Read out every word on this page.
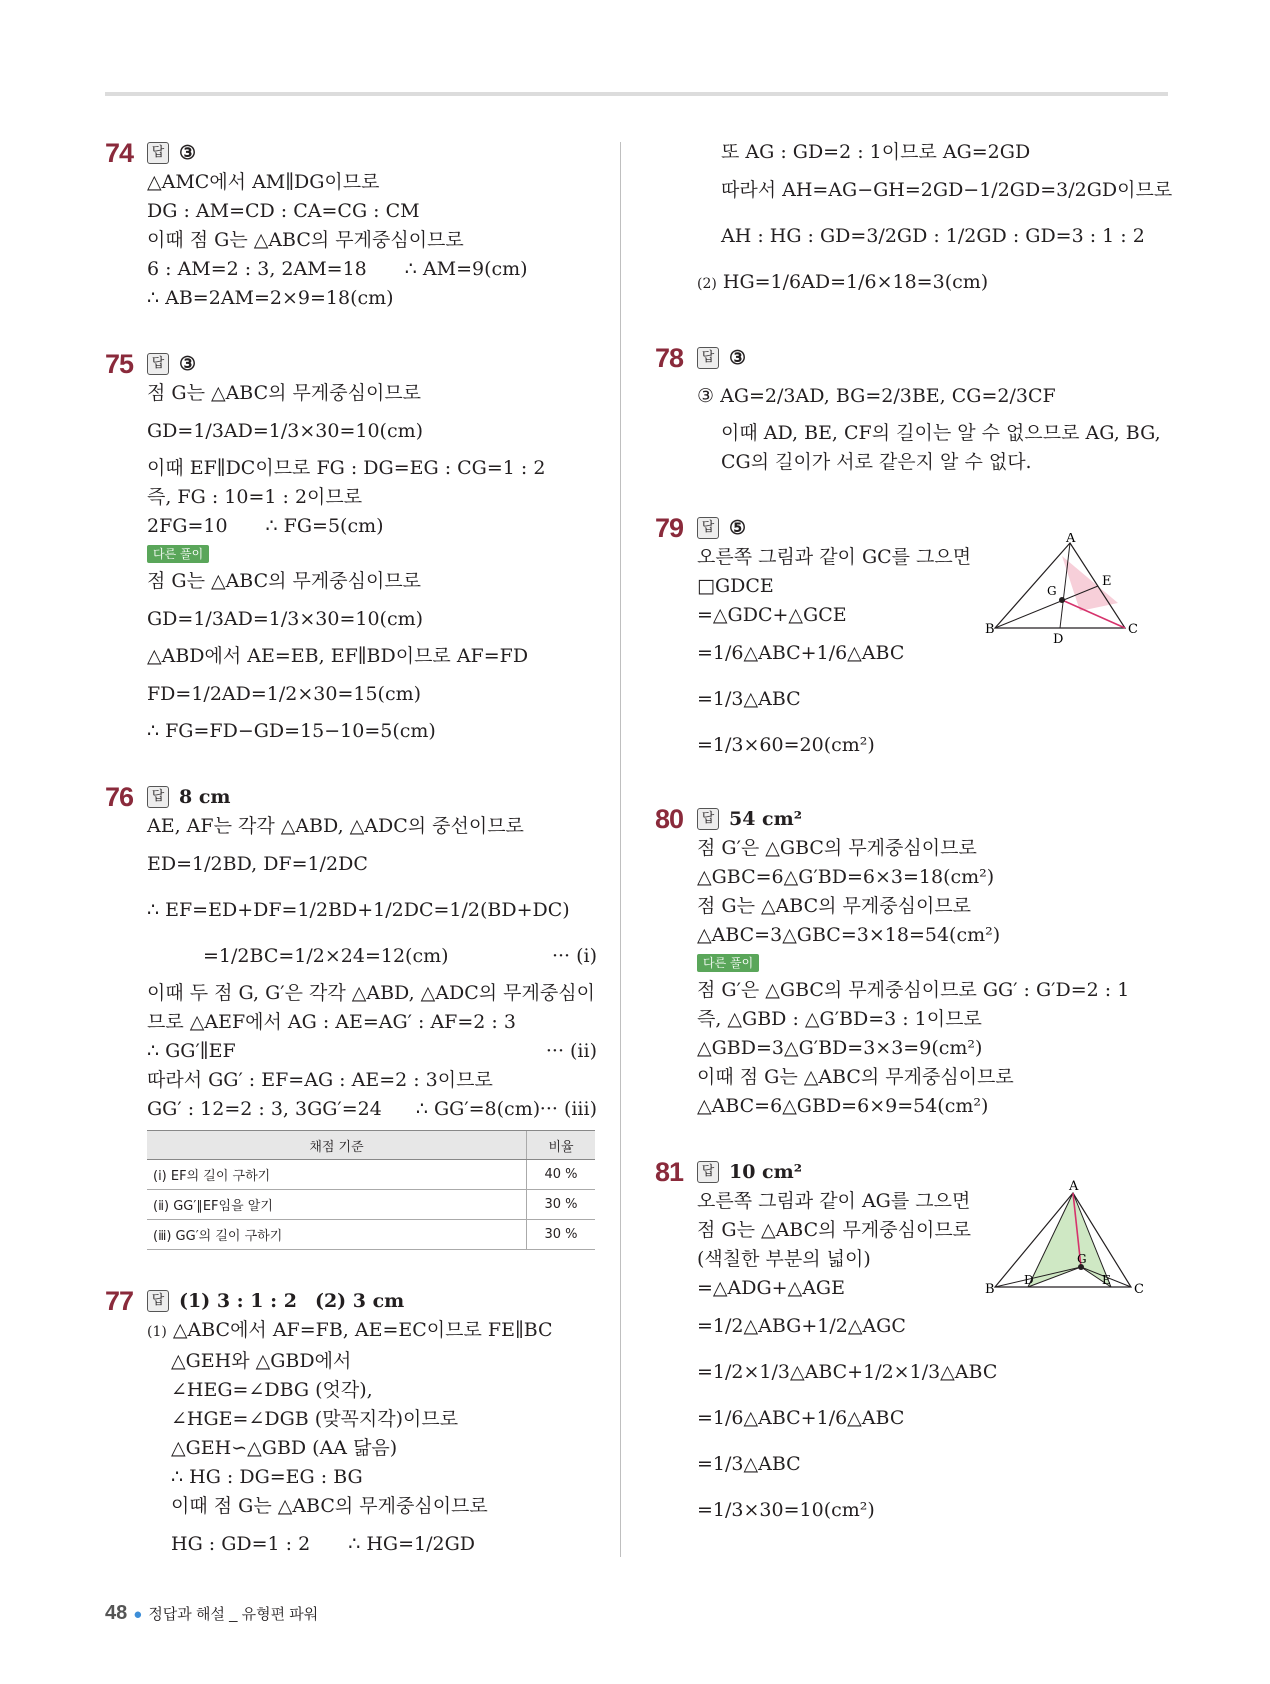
74	답 ③
△AMC에서 AM∥DG이므로
DG : AM=CD : CA=CG : CM
이때 점 G는 △ABC의 무게중심이므로
6 : AM=2 : 3, 2AM=18 ∴ AM=9(cm)
∴ AB=2AM=2×9=18(cm)
75	답 ③
점 G는 △ABC의 무게중심이므로
GD=1/3AD=1/3×30=10(cm)
이때 EF∥DC이므로 FG : DG=EG : CG=1 : 2
즉, FG : 10=1 : 2이므로
2FG=10 ∴ FG=5(cm)
다른 풀이
점 G는 △ABC의 무게중심이므로
GD=1/3AD=1/3×30=10(cm)
△ABD에서 AE=EB, EF∥BD이므로 AF=FD
FD=1/2AD=1/2×30=15(cm)
∴ FG=FD−GD=15−10=5(cm)
76	답 8 cm
AE, AF는 각각 △ABD, △ADC의 중선이므로
ED=1/2BD, DF=1/2DC
∴ EF=ED+DF=1/2BD+1/2DC=1/2(BD+DC)
=1/2BC=1/2×24=12(cm)	··· (i)
이때 두 점 G, G′은 각각 △ABD, △ADC의 무게중심이
므로 △AEF에서 AG : AE=AG′ : AF=2 : 3
∴ GG′∥EF	··· (ii)
따라서 GG′ : EF=AG : AE=2 : 3이므로
GG′ : 12=2 : 3, 3GG′=24 ∴ GG′=8(cm) ··· (iii)
채점 기준	비율
(ⅰ) EF의 길이 구하기	40 %
(ⅱ) GG′∥EF임을 알기	30 %
(ⅲ) GG′의 길이 구하기	30 %
77	답 (1) 3 : 1 : 2 (2) 3 cm
(1) △ABC에서 AF=FB, AE=EC이므로 FE∥BC
△GEH와 △GBD에서
∠HEG=∠DBG (엇각),
∠HGE=∠DGB (맞꼭지각)이므로
△GEH∽△GBD (AA 닮음)
∴ HG : DG=EG : BG
이때 점 G는 △ABC의 무게중심이므로
HG : GD=1 : 2 ∴ HG=1/2GD
또 AG : GD=2 : 1이므로 AG=2GD
따라서 AH=AG−GH=2GD−1/2GD=3/2GD이므로
AH : HG : GD=3/2GD : 1/2GD : GD=3 : 1 : 2
(2) HG=1/6AD=1/6×18=3(cm)
78	답 ③
③ AG=2/3AD, BG=2/3BE, CG=2/3CF
이때 AD, BE, CF의 길이는 알 수 없으므로 AG, BG,
CG의 길이가 서로 같은지 알 수 없다.
79	답 ⑤
오른쪽 그림과 같이 GC를 그으면
□GDCE
=△GDC+△GCE
=1/6△ABC+1/6△ABC
=1/3△ABC
=1/3×60=20(cm²)
A
B	C
D
E
G
80	답 54 cm²
점 G′은 △GBC의 무게중심이므로
△GBC=6△G′BD=6×3=18(cm²)
점 G는 △ABC의 무게중심이므로
△ABC=3△GBC=3×18=54(cm²)
다른 풀이
점 G′은 △GBC의 무게중심이므로 GG′ : G′D=2 : 1
즉, △GBD : △G′BD=3 : 1이므로
△GBD=3△G′BD=3×3=9(cm²)
이때 점 G는 △ABC의 무게중심이므로
△ABC=6△GBD=6×9=54(cm²)
81	답 10 cm²
오른쪽 그림과 같이 AG를 그으면
점 G는 △ABC의 무게중심이므로
(색칠한 부분의 넓이)
=△ADG+△AGE
=1/2△ABG+1/2△AGC
=1/2×1/3△ABC+1/2×1/3△ABC
=1/6△ABC+1/6△ABC
=1/3△ABC
=1/3×30=10(cm²)
A
B	C
D	E
G
48 ● 정답과 해설 _ 유형편 파워
